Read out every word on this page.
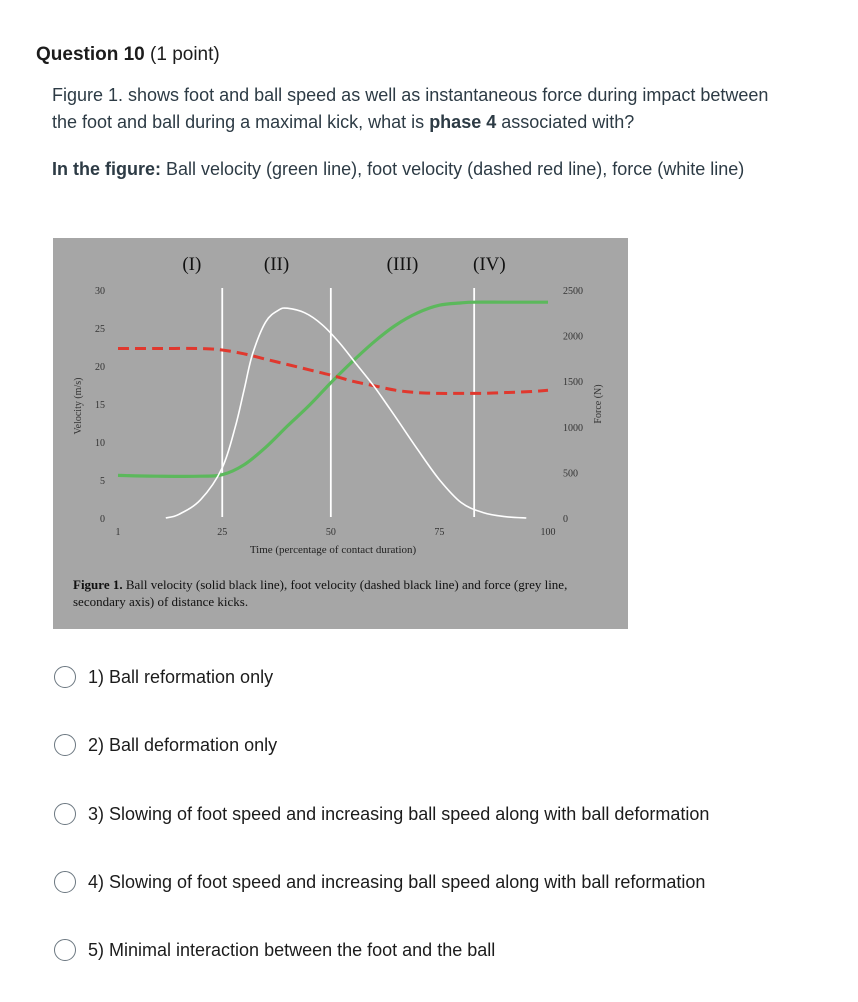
Question 10 (1 point)
Figure 1. shows foot and ball speed as well as instantaneous force during impact between the foot and ball during a maximal kick, what is phase 4 associated with?
In the figure: Ball velocity (green line), foot velocity (dashed red line), force (white line)
0
5
10
15
20
25
30
0
500
1000
1500
2000
2500
1	25	50	75	100
Time (percentage of contact duration)
Velocity (m/s)	Force (N)
(I)	(II)	(III)	(IV)
Figure 1. Ball velocity (solid black line), foot velocity (dashed black line) and force (grey line, secondary axis) of distance kicks.
1) Ball reformation only
2) Ball deformation only
3) Slowing of foot speed and increasing ball speed along with ball deformation
4) Slowing of foot speed and increasing ball speed along with ball reformation
5) Minimal interaction between the foot and the ball
